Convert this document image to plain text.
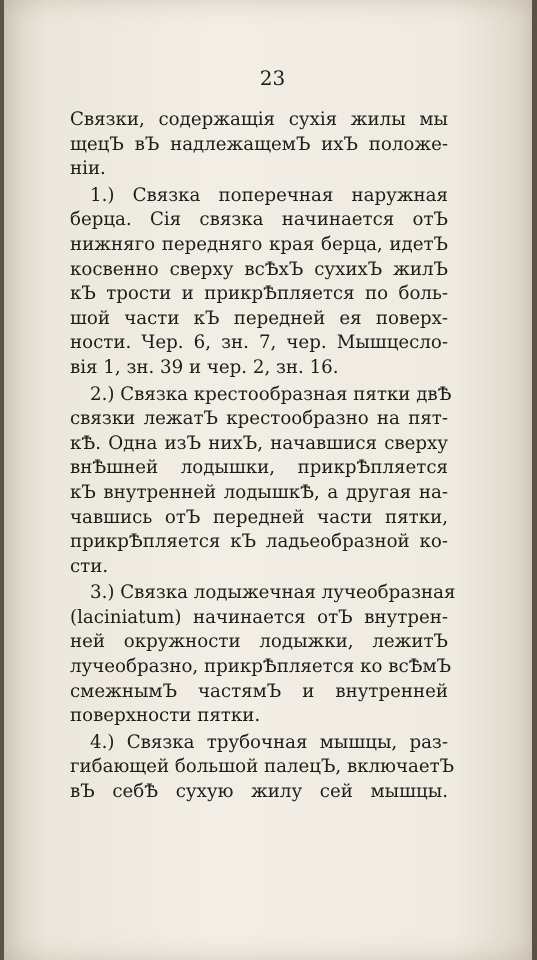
23
Связки, содержащія сухія жилы мы
щецЪ вЪ надлежащемЪ ихЪ положе-
ніи.
1.) Связка поперечная наружная
берца. Сія связка начинается отЪ
нижняго передняго края берца, идетЪ
косвенно сверху всѢхЪ сухихЪ жилЪ
кЪ трости и прикрѢпляется по боль-
шой части кЪ передней ея поверх-
ности. Чер. 6, зн. 7, чер. Мышцесло-
вія 1, зн. 39 и чер. 2, зн. 16.
2.) Связка крестообразная пятки двѢ
связки лежатЪ крестообразно на пят-
кѢ. Одна изЪ нихЪ, начавшися сверху
внѢшней лодышки, прикрѢпляется
кЪ внутренней лодышкѢ, а другая на-
чавшись отЪ передней части пятки,
прикрѢпляется кЪ ладьеобразной ко-
сти.
3.) Связка лодыжечная лучеобразная
(laciniatum) начинается отЪ внутрен-
ней окружности лодыжки, лежитЪ
лучеобразно, прикрѢпляется ко всѢмЪ
смежнымЪ частямЪ и внутренней
поверхности пятки.
4.) Связка трубочная мышцы, раз-
гибающей большой палецЪ, включаетЪ
вЪ себѢ сухую жилу сей мышцы.
